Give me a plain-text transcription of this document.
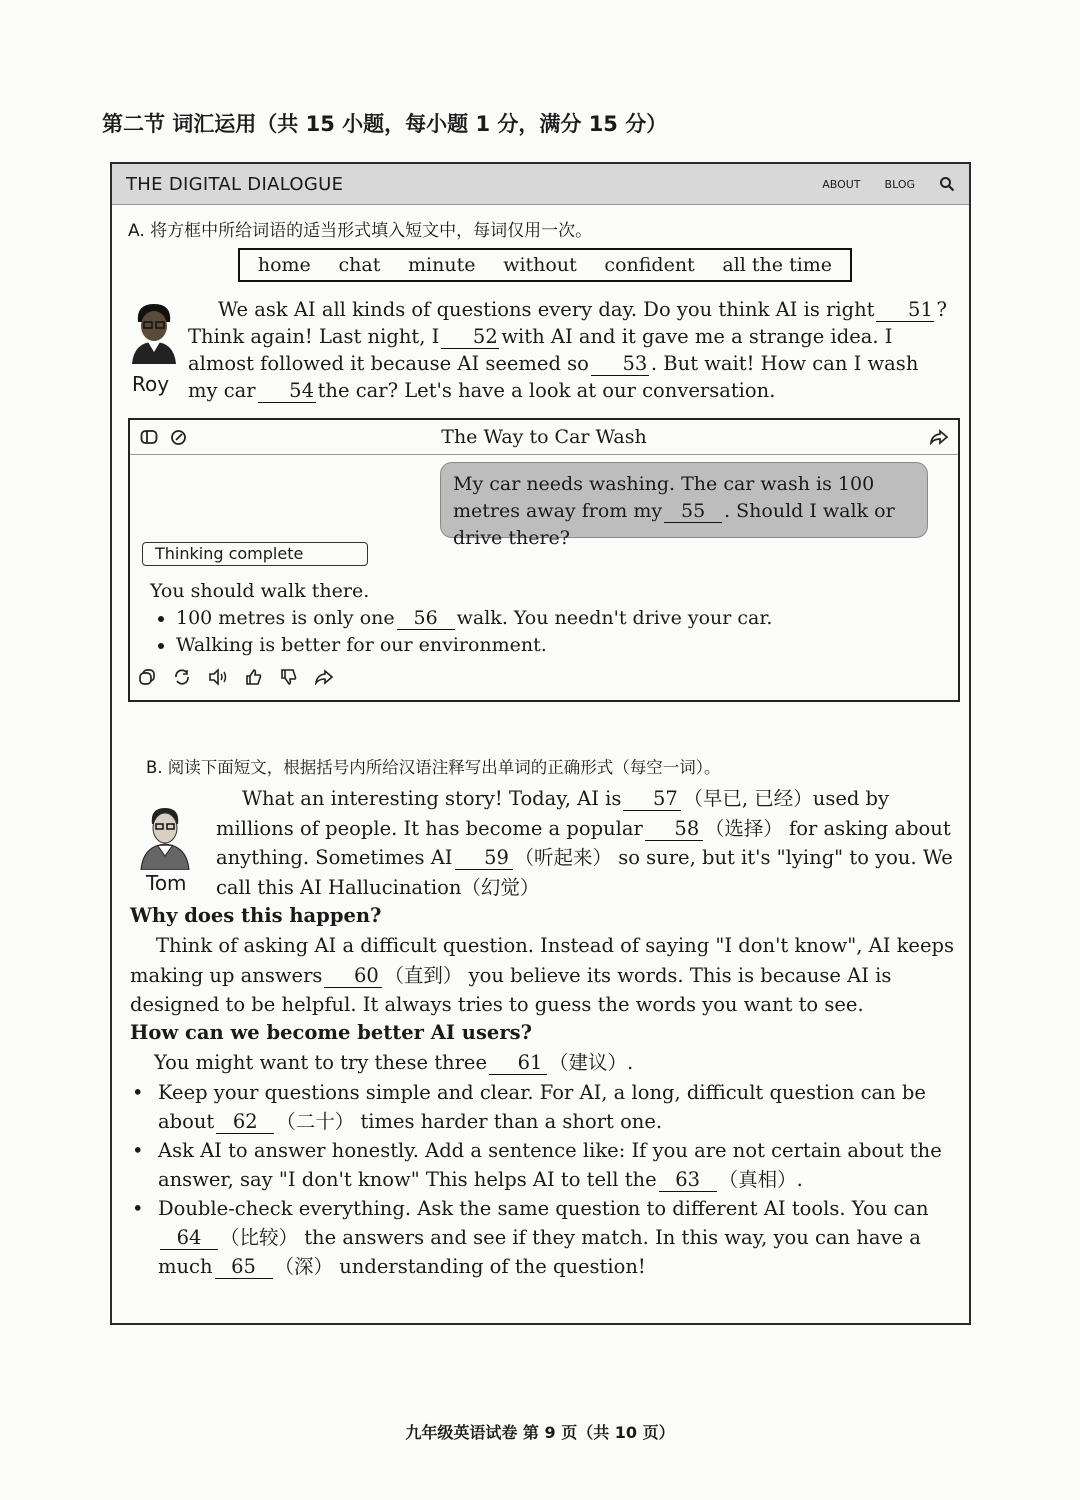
第二节 词汇运用（共 15 小题，每小题 1 分，满分 15 分）
THE DIGITAL DIALOGUE	ABOUT BLOG
A. 将方框中所给词语的适当形式填入短文中，每词仅用一次。
home chat minute without confident all the time
Roy
We ask AI all kinds of questions every day. Do you think AI is right 51 ? Think again! Last night, I 52 with AI and it gave me a strange idea. I almost followed it because AI seemed so 53 . But wait! How can I wash my car 54 the car? Let's have a look at our conversation.
The Way to Car Wash
My car needs washing. The car wash is 100 metres away from my 55 . Should I walk or drive there?
Thinking complete
You should walk there.
• 100 metres is only one 56 walk. You needn't drive your car.
• Walking is better for our environment.
B. 阅读下面短文，根据括号内所给汉语注释写出单词的正确形式（每空一词）。
Tom
What an interesting story! Today, AI is 57 （早已, 已经）used by millions of people. It has become a popular 58 （选择） for asking about anything. Sometimes AI 59 （听起来） so sure, but it's "lying" to you. We call this AI Hallucination（幻觉）
Why does this happen?
Think of asking AI a difficult question. Instead of saying "I don't know", AI keeps making up answers 60 （直到） you believe its words. This is because AI is designed to be helpful. It always tries to guess the words you want to see.
How can we become better AI users?
You might want to try these three 61 （建议）.
• Keep your questions simple and clear. For AI, a long, difficult question can be about 62 （二十） times harder than a short one.
• Ask AI to answer honestly. Add a sentence like: If you are not certain about the answer, say "I don't know" This helps AI to tell the 63 （真相）.
• Double-check everything. Ask the same question to different AI tools. You can64 （比较） the answers and see if they match. In this way, you can have a much 65 （深） understanding of the question!
九年级英语试卷 第 9 页（共 10 页）
